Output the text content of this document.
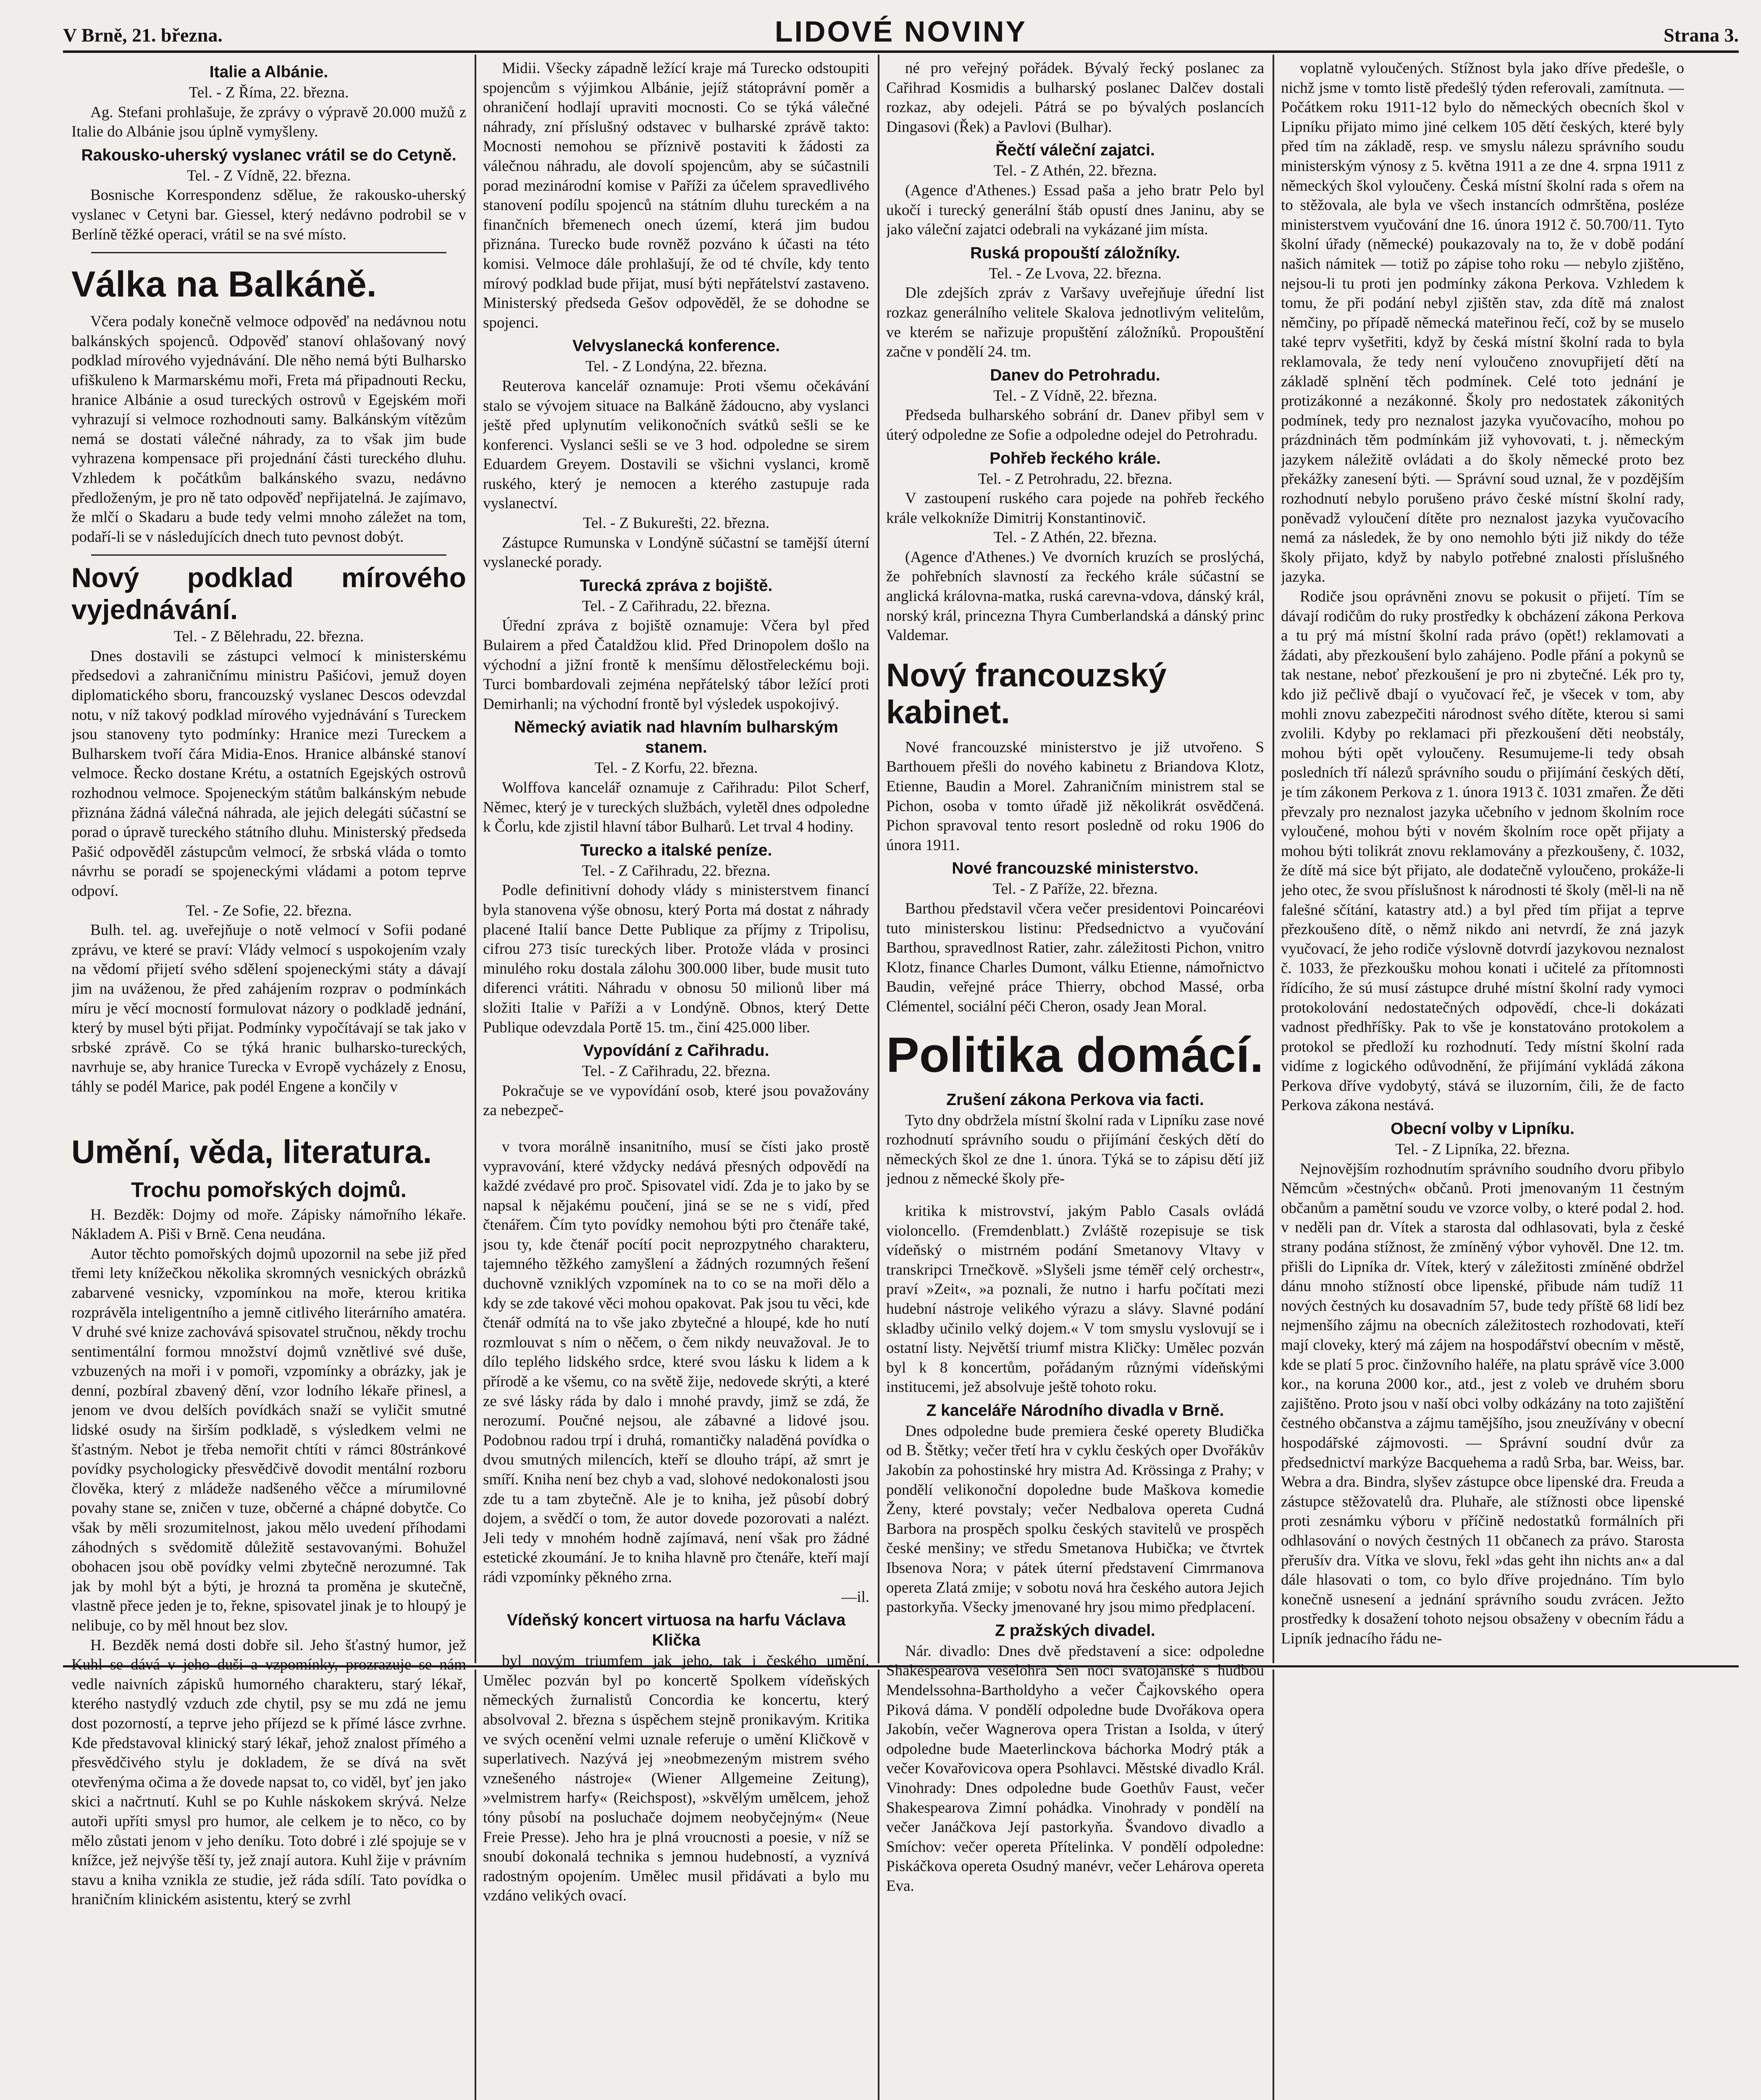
V Brně, 21. března.	LIDOVÉ NOVINY	Strana 3.
Italie a Albánie.

Tel. - Z Říma, 22. března.

Ag. Stefani prohlašuje, že zprávy o výpravě 20.000 mužů z Italie do Albánie jsou úplně vymyšleny.

Rakousko-uherský vyslanec vrátil se do Cetyně.

Tel. - Z Vídně, 22. března.

Bosnische Korrespondenz sdělue, že rakousko-uherský vyslanec v Cetyni bar. Giessel, který nedávno podrobil se v Berlíně těžké operaci, vrátil se na své místo.

Válka na Balkáně.

Včera podaly konečně velmoce odpověď na nedávnou notu balkánských spojenců. Odpověď stanoví ohlašovaný nový podklad mírového vyjednávání. Dle něho nemá býti Bulharsko ufiškuleno k Marmarskému moři, Freta má připadnouti Recku, hranice Albánie a osud tureckých ostrovů v Egejském moři vyhrazují si velmoce rozhodnouti samy. Balkánským vítězům nemá se dostati válečné náhrady, za to však jim bude vyhrazena kompensace při projednání části tureckého dluhu. Vzhledem k počátkům balkánského svazu, nedávno předloženým, je pro ně tato odpověď nepřijatelná. Je zajímavo, že mlčí o Skadaru a bude tedy velmi mnoho záležet na tom, podaří-li se v následujících dnech tuto pevnost dobýt.

Nový podklad mírového vyjednávání.

Tel. - Z Bělehradu, 22. března.

Dnes dostavili se zástupci velmocí k ministerskému předsedovi a zahraničnímu ministru Pašićovi, jemuž doyen diplomatického sboru, francouzský vyslanec Descos odevzdal notu, v níž takový podklad mírového vyjednávání s Tureckem jsou stanoveny tyto podmínky: Hranice mezi Tureckem a Bulharskem tvoří čára Midia-Enos. Hranice albánské stanoví velmoce. Řecko dostane Krétu, a ostatních Egejských ostrovů rozhodnou velmoce. Spojeneckým státům balkánským nebude přiznána žádná válečná náhrada, ale jejich delegáti súčastní se porad o úpravě tureckého státního dluhu. Ministerský předseda Pašić odpověděl zástupcům velmocí, že srbská vláda o tomto návrhu se poradí se spojeneckými vládami a potom teprve odpoví.

Tel. - Ze Sofie, 22. března.

Bulh. tel. ag. uveřejňuje o notě velmocí v Sofii podané zprávu, ve které se praví: Vlády velmocí s uspokojením vzaly na vědomí přijetí svého sdělení spojeneckými státy a dávají jim na uváženou, že před zahájením rozprav o podmínkách míru je věcí mocností formulovat názory o podkladě jednání, který by musel býti přijat. Podmínky vypočítávají se tak jako v srbské zprávě. Co se týká hranic bulharsko-tureckých, navrhuje se, aby hranice Turecka v Evropě vycházely z Enosu, táhly se podél Marice, pak podél Engene a končily v

Umění, věda, literatura.
Trochu pomořských dojmů.

H. Bezděk: Dojmy od moře. Zápisky námořního lékaře. Nákladem A. Piši v Brně. Cena neudána.

Autor těchto pomořských dojmů upozornil na sebe již před třemi lety knížečkou několika skromných vesnických obrázků zabarvené vesnicky, vzpomínkou na moře, kterou kritika rozprávěla inteligentního a jemně citlivého literárního amatéra. V druhé své knize zachovává spisovatel stručnou, někdy trochu sentimentální formou množství dojmů vznětlivé své duše, vzbuzených na moři i v pomoři, vzpomínky a obrázky, jak je denní, pozbíral zbavený dění, vzor lodního lékaře přinesl, a jenom ve dvou delších povídkách snaží se vyličit smutné lidské osudy na širším podkladě, s výsledkem velmi ne šťastným. Nebot je třeba nemořit chtíti v rámci 80stránkové povídky psychologicky přesvědčivě dovodit mentální rozboru člověka, který z mládeže nadšeného věčce a mírumilovné povahy stane se, zničen v tuze, občerné a chápné dobytče. Co však by měli srozumitelnost, jakou mělo uvedení příhodami záhodných s svědomitě důležitě sestavovanými. Bohužel obohacen jsou obě povídky velmi zbytečně nerozumné. Tak jak by mohl být a býti, je hrozná ta proměna je skutečně, vlastně přece jeden je to, řekne, spisovatel jinak je to hloupý je nelibuje, co by měl hnout bez slov.

H. Bezděk nemá dosti dobře sil. Jeho šťastný humor, jež Kuhl se dává v jeho duši a vzpomínky, prozrazuje se nám vedle naivních zápisků humorného charakteru, starý lékař, kterého nastydlý vzduch zde chytil, psy se mu zdá ne jemu dost pozorností, a teprve jeho příjezd se k přímé lásce zvrhne. Kde představoval klinický starý lékař, jehož znalost přímého a přesvědčivého stylu je dokladem, že se dívá na svět otevřenýma očima a že dovede napsat to, co viděl, byť jen jako skici a načrtnutí. Kuhl se po Kuhle náskokem skrývá. Nelze autoři upříti smysl pro humor, ale celkem je to něco, co by mělo zůstati jenom v jeho deníku. Toto dobré i zlé spojuje se v knížce, jež nejvýše těší ty, jež znají autora. Kuhl žije v právním stavu a kniha vznikla ze studie, jež ráda sdílí. Tato povídka o hraničním klinickém asistentu, který se zvrhl

Midii. Všecky západně ležící kraje má Turecko odstoupiti spojencům s výjimkou Albánie, jejíž státoprávní poměr a ohraničení hodlají upraviti mocnosti. Co se týká válečné náhrady, zní příslušný odstavec v bulharské zprávě takto: Mocnosti nemohou se příznivě postaviti k žádosti za válečnou náhradu, ale dovolí spojencům, aby se súčastnili porad mezinárodní komise v Paříži za účelem spravedlivého stanovení podílu spojenců na státním dluhu tureckém a na finančních břemenech onech území, která jim budou přiznána. Turecko bude rovněž pozváno k účasti na této komisi. Velmoce dále prohlašují, že od té chvíle, kdy tento mírový podklad bude přijat, musí býti nepřátelství zastaveno. Ministerský předseda Gešov odpověděl, že se dohodne se spojenci.

Velvyslanecká konference.

Tel. - Z Londýna, 22. března.

Reuterova kancelář oznamuje: Proti všemu očekávání stalo se vývojem situace na Balkáně žádoucno, aby vyslanci ještě před uplynutím velikonočních svátků sešli se ke konferenci. Vyslanci sešli se ve 3 hod. odpoledne se sirem Eduardem Greyem. Dostavili se všichni vyslanci, kromě ruského, který je nemocen a kterého zastupuje rada vyslanectví.

Tel. - Z Bukurešti, 22. března.

Zástupce Rumunska v Londýně súčastní se tamější úterní vyslanecké porady.

Turecká zpráva z bojiště.

Tel. - Z Cařihradu, 22. března.

Úřední zpráva z bojiště oznamuje: Včera byl před Bulairem a před Čataldžou klid. Před Drinopolem došlo na východní a jižní frontě k menšímu dělostřeleckému boji. Turci bombardovali zejména nepřátelský tábor ležící proti Demirhanli; na východní frontě byl výsledek uspokojivý.

Německý aviatik nad hlavním bulharským stanem.

Tel. - Z Korfu, 22. března.

Wolffova kancelář oznamuje z Cařihradu: Pilot Scherf, Němec, který je v tureckých službách, vyletěl dnes odpoledne k Čorlu, kde zjistil hlavní tábor Bulharů. Let trval 4 hodiny.

Turecko a italské peníze.

Tel. - Z Cařihradu, 22. března.

Podle definitivní dohody vlády s ministerstvem financí byla stanovena výše obnosu, který Porta má dostat z náhrady placené Italií bance Dette Publique za příjmy z Tripolisu, cifrou 273 tisíc tureckých liber. Protože vláda v prosinci minulého roku dostala zálohu 300.000 liber, bude musit tuto diferenci vrátiti. Náhradu v obnosu 50 milionů liber má složiti Italie v Paříži a v Londýně. Obnos, který Dette Publique odevzdala Portě 15. tm., činí 425.000 liber.

Vypovídání z Cařihradu.

Tel. - Z Cařihradu, 22. března.

Pokračuje se ve vypovídání osob, které jsou považovány za nebezpeč-

v tvora morálně insanitního, musí se čísti jako prostě vypravování, které vždycky nedává přesných odpovědí na každé zvédavé pro proč. Spisovatel vidí. Zda je to jako by se napsal k nějakému poučení, jiná se se ne s vidí, před čtenářem. Čím tyto povídky nemohou býti pro čtenáře také, jsou ty, kde čtenář pocítí pocit neprozpytného charakteru, tajemného těžkého zamyšlení a žádných rozumných řešení duchovně vzniklých vzpomínek na to co se na moři dělo a kdy se zde takové věci mohou opakovat. Pak jsou tu věci, kde čtenář odmítá na to vše jako zbytečné a hloupé, kde ho nutí rozmlouvat s ním o něčem, o čem nikdy neuvažoval. Je to dílo teplého lidského srdce, které svou lásku k lidem a k přírodě a ke všemu, co na světě žije, nedovede skrýti, a které ze své lásky ráda by dalo i mnohé pravdy, jimž se zdá, že nerozumí. Poučné nejsou, ale zábavné a lidové jsou. Podobnou radou trpí i druhá, romantičky naladěná povídka o dvou smutných milencích, kteří se dlouho trápí, až smrt je smíří. Kniha není bez chyb a vad, slohové nedokonalosti jsou zde tu a tam zbytečně. Ale je to kniha, jež působí dobrý dojem, a svědčí o tom, že autor dovede pozorovati a nalézt. Jeli tedy v mnohém hodně zajímavá, není však pro žádné estetické zkoumání. Je to kniha hlavně pro čtenáře, kteří mají rádi vzpomínky pěkného zrna.

—il.

Vídeňský koncert virtuosa na harfu Václava Klička

byl novým triumfem jak jeho, tak i českého umění. Umělec pozván byl po koncertě Spolkem vídeňských německých žurnalistů Concordia ke koncertu, který absolvoval 2. března s úspěchem stejně pronikavým. Kritika ve svých ocenění velmi uznale referuje o umění Kličkově v superlativech. Nazývá jej »neobmezeným mistrem svého vznešeného nástroje« (Wiener Allgemeine Zeitung), »velmistrem harfy« (Reichspost), »skvělým umělcem, jehož tóny působí na posluchače dojmem neobyčejným« (Neue Freie Presse). Jeho hra je plná vroucnosti a poesie, v níž se snoubí dokonalá technika s jemnou hudebností, a vyznívá radostným opojením. Umělec musil přidávati a bylo mu vzdáno velikých ovací.

né pro veřejný pořádek. Bývalý řecký poslanec za Cařihrad Kosmidis a bulharský poslanec Dalčev dostali rozkaz, aby odejeli. Pátrá se po bývalých poslancích Dingasovi (Řek) a Pavlovi (Bulhar).

Řečtí váleční zajatci.

Tel. - Z Athén, 22. března.

(Agence d'Athenes.) Essad paša a jeho bratr Pelo byl ukočí i turecký generální štáb opustí dnes Janinu, aby se jako váleční zajatci odebrali na vykázané jim místa.

Ruská propouští záložníky.

Tel. - Ze Lvova, 22. března.

Dle zdejších zpráv z Varšavy uveřejňuje úřední list rozkaz generálního velitele Skalova jednotlivým velitelům, ve kterém se nařizuje propuštění záložníků. Propouštění začne v pondělí 24. tm.

Danev do Petrohradu.

Tel. - Z Vídně, 22. března.

Předseda bulharského sobrání dr. Danev přibyl sem v úterý odpoledne ze Sofie a odpoledne odejel do Petrohradu.

Pohřeb řeckého krále.

Tel. - Z Petrohradu, 22. března.

V zastoupení ruského cara pojede na pohřeb řeckého krále velkokníže Dimitrij Konstantinovič.

Tel. - Z Athén, 22. března.

(Agence d'Athenes.) Ve dvorních kruzích se proslýchá, že pohřebních slavností za řeckého krále súčastní se anglická královna-matka, ruská carevna-vdova, dánský král, norský král, princezna Thyra Cumberlandská a dánský princ Valdemar.

Nový francouzský kabinet.

Nové francouzské ministerstvo je již utvořeno. S Barthouem přešli do nového kabinetu z Briandova Klotz, Etienne, Baudin a Morel. Zahraničním ministrem stal se Pichon, osoba v tomto úřadě již několikrát osvědčená. Pichon spravoval tento resort posledně od roku 1906 do února 1911.

Nové francouzské ministerstvo.

Tel. - Z Paříže, 22. března.

Barthou představil včera večer presidentovi Poincaréovi tuto ministerskou listinu: Předsednictvo a vyučování Barthou, spravedlnost Ratier, zahr. záležitosti Pichon, vnitro Klotz, finance Charles Dumont, válku Etienne, námořnictvo Baudin, veřejné práce Thierry, obchod Massé, orba Clémentel, sociální péči Cheron, osady Jean Moral.

Politika domácí.
Zrušení zákona Perkova via facti.

Tyto dny obdržela místní školní rada v Lipníku zase nové rozhodnutí správního soudu o přijímání českých dětí do německých škol ze dne 1. února. Týká se to zápisu dětí již jednou z německé školy pře-

kritika k mistrovství, jakým Pablo Casals ovládá violoncello. (Fremdenblatt.) Zvláště rozepisuje se tisk vídeňský o mistrném podání Smetanovy Vltavy v transkripci Trnečkově. »Slyšeli jsme téměř celý orchestr«, praví »Zeit«, »a poznali, že nutno i harfu počítati mezi hudební nástroje velikého výrazu a slávy. Slavné podání skladby učinilo velký dojem.« V tom smyslu vyslovují se i ostatní listy. Největší triumf mistra Kličky: Umělec pozván byl k 8 koncertům, pořádaným různými vídeňskými institucemi, jež absolvuje ještě tohoto roku.

Z kanceláře Národního divadla v Brně.

Dnes odpoledne bude premiera české operety Bludička od B. Štětky; večer třetí hra v cyklu českých oper Dvořákův Jakobín za pohostinské hry mistra Ad. Krössinga z Prahy; v pondělí velikonoční dopoledne bude Maškova komedie Ženy, které povstaly; večer Nedbalova opereta Cudná Barbora na prospěch spolku českých stavitelů ve prospěch české menšiny; ve středu Smetanova Hubička; ve čtvrtek Ibsenova Nora; v pátek úterní představení Cimrmanova opereta Zlatá zmije; v sobotu nová hra českého autora Jejich pastorkyňa. Všecky jmenované hry jsou mimo předplacení.

Z pražských divadel.

Nár. divadlo: Dnes dvě představení a sice: odpoledne Shakespearova veselohra Sen noci svatojanské s hudbou Mendelssohna-Bartholdyho a večer Čajkovského opera Piková dáma. V pondělí odpoledne bude Dvořákova opera Jakobín, večer Wagnerova opera Tristan a Isolda, v úterý odpoledne bude Maeterlinckova báchorka Modrý pták a večer Kovařovicova opera Psohlavci. Městské divadlo Král. Vinohrady: Dnes odpoledne bude Goethův Faust, večer Shakespearova Zimní pohádka. Vinohrady v pondělí na večer Janáčkova Její pastorkyňa. Švandovo divadlo a Smíchov: večer opereta Přítelinka. V pondělí odpoledne: Piskáčkova opereta Osudný manévr, večer Lehárova opereta Eva.

voplatně vyloučených. Stížnost byla jako dříve předešle, o nichž jsme v tomto listě předešlý týden referovali, zamítnuta. — Počátkem roku 1911-12 bylo do německých obecních škol v Lipníku přijato mimo jiné celkem 105 dětí českých, které byly před tím na základě, resp. ve smyslu nálezu správního soudu ministerským výnosy z 5. května 1911 a ze dne 4. srpna 1911 z německých škol vyloučeny. Česká místní školní rada s ořem na to stěžovala, ale byla ve všech instancích odmrštěna, posléze ministerstvem vyučování dne 16. února 1912 č. 50.700/11. Tyto školní úřady (německé) poukazovaly na to, že v době podání našich námitek — totiž po zápise toho roku — nebylo zjištěno, nejsou-li tu proti jen podmínky zákona Perkova. Vzhledem k tomu, že při podání nebyl zjištěn stav, zda dítě má znalost němčiny, po případě německá mateřinou řečí, což by se muselo také teprv vyšetřiti, když by česká místní školní rada to byla reklamovala, že tedy není vyloučeno znovupřijetí dětí na základě splnění těch podmínek. Celé toto jednání je protizákonné a nezákonné. Školy pro nedostatek zákonitých podmínek, tedy pro neznalost jazyka vyučovacího, mohou po prázdninách těm podmínkám již vyhovovati, t. j. německým jazykem náležitě ovládati a do školy německé proto bez překážky zanesení býti. — Správní soud uznal, že v pozdějším rozhodnutí nebylo porušeno právo české místní školní rady, poněvadž vyloučení dítěte pro neznalost jazyka vyučovacího nemá za následek, že by ono nemohlo býti již nikdy do téže školy přijato, když by nabylo potřebné znalosti příslušného jazyka.

Rodiče jsou oprávněni znovu se pokusit o přijetí. Tím se dávají rodičům do ruky prostředky k obcházení zákona Perkova a tu prý má místní školní rada právo (opět!) reklamovati a žádati, aby přezkoušení bylo zahájeno. Podle přání a pokynů se tak nestane, neboť přezkoušení je pro ni zbytečné. Lék pro ty, kdo již pečlivě dbají o vyučovací řeč, je všecek v tom, aby mohli znovu zabezpečiti národnost svého dítěte, kterou si sami zvolili. Kdyby po reklamaci při přezkoušení děti neobstály, mohou býti opět vyloučeny. Resumujeme-li tedy obsah posledních tří nálezů správního soudu o přijímání českých dětí, je tím zákonem Perkova z 1. února 1913 č. 1031 zmařen. Že děti převzaly pro neznalost jazyka učebního v jednom školním roce vyloučené, mohou býti v novém školním roce opět přijaty a mohou býti tolikrát znovu reklamovány a přezkoušeny, č. 1032, že dítě má sice být přijato, ale dodatečně vyloučeno, prokáže-li jeho otec, že svou příslušnost k národnosti té školy (měl-li na ně falešné sčítání, katastry atd.) a byl před tím přijat a teprve přezkoušeno dítě, o němž nikdo ani netvrdí, že zná jazyk vyučovací, že jeho rodiče výslovně dotvrdí jazykovou neznalost č. 1033, že přezkoušku mohou konati i učitelé za přítomnosti řídícího, že sú musí zástupce druhé místní školní rady vymoci protokolování nedostatečných odpovědí, chce-li dokázati vadnost předhříšky. Pak to vše je konstatováno protokolem a protokol se předloží ku rozhodnutí. Tedy místní školní rada vidíme z logického odůvodnění, že přijímání vykládá zákona Perkova dříve vydobytý, stává se iluzorním, čili, že de facto Perkova zákona nestává.

Obecní volby v Lipníku.

Tel. - Z Lipníka, 22. března.

Nejnovějším rozhodnutím správního soudního dvoru přibylo Němcům »čestných« občanů. Proti jmenovaným 11 čestným občanům a pamětní soudu ve vzorce volby, o které podal 2. hod. v neděli pan dr. Vítek a starosta dal odhlasovati, byla z české strany podána stížnost, že zmíněný výbor vyhověl. Dne 12. tm. přišli do Lipníka dr. Vítek, který v záležitosti zmíněné obdržel dánu mnoho stížností obce lipenské, přibude nám tudíž 11 nových čestných ku dosavadním 57, bude tedy příště 68 lidí bez nejmenšího zájmu na obecních záležitostech rozhodovati, kteří mají cloveky, který má zájem na hospodářství obecním v městě, kde se platí 5 proc. činžovního haléře, na platu správě více 3.000 kor., na koruna 2000 kor., atd., jest z voleb ve druhém sboru zajištěno. Proto jsou v naší obci volby odkázány na toto zajištění čestného občanstva a zájmu tamějšího, jsou zneužívány v obecní hospodářské zájmovosti. — Správní soudní dvůr za předsednictví markýze Bacquehema a radů Srba, bar. Weiss, bar. Webra a dra. Bindra, slyšev zástupce obce lipenské dra. Freuda a zástupce stěžovatelů dra. Pluhaře, ale stížnosti obce lipenské proti zesnámku výboru v příčině nedostatků formálních při odhlasování o nových čestných 11 občanech za právo. Starosta přerušív dra. Vítka ve slovu, řekl »das geht ihn nichts an« a dal dále hlasovati o tom, co bylo dříve projednáno. Tím bylo konečně usnesení a jednání správního soudu zvrácen. Ježto prostředky k dosažení tohoto nejsou obsaženy v obecním řádu a Lipník jednacího řádu ne-
